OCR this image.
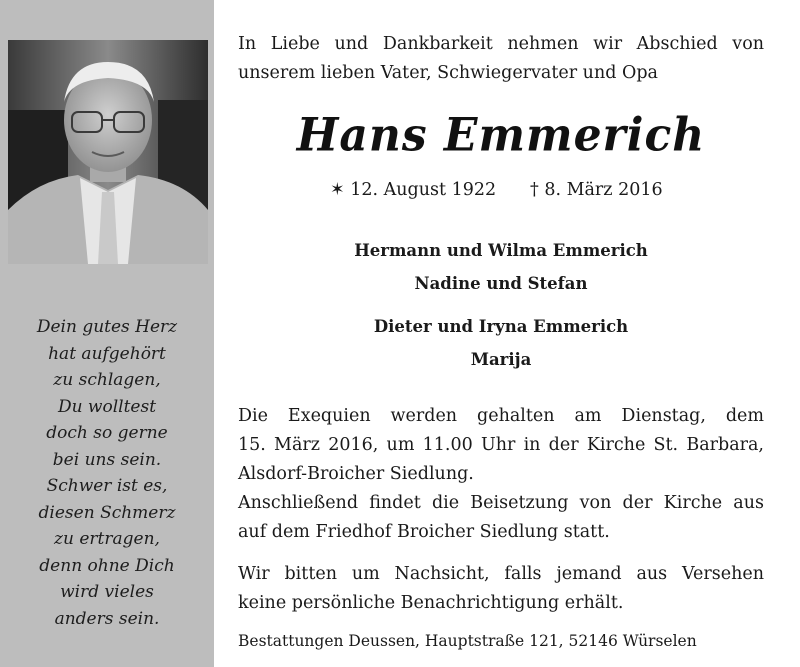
Dein gutes Herz
hat aufgehört
zu schlagen,
Du wolltest
doch so gerne
bei uns sein.
Schwer ist es,
diesen Schmerz
zu ertragen,
denn ohne Dich
wird vieles
anders sein.
In Liebe und Dankbarkeit nehmen wir Abschied von
unserem lieben Vater, Schwiegervater und Opa
Hans Emmerich
✶ 12. August 1922 † 8. März 2016
Hermann und Wilma Emmerich
Nadine und Stefan
Dieter und Iryna Emmerich
Marija
Die Exequien werden gehalten am Dienstag, dem
15. März 2016, um 11.00 Uhr in der Kirche St. Barbara,
Alsdorf-Broicher Siedlung.
Anschließend findet die Beisetzung von der Kirche aus
auf dem Friedhof Broicher Siedlung statt.
Wir bitten um Nachsicht, falls jemand aus Versehen
keine persönliche Benachrichtigung erhält.
Bestattungen Deussen, Hauptstraße 121, 52146 Würselen
